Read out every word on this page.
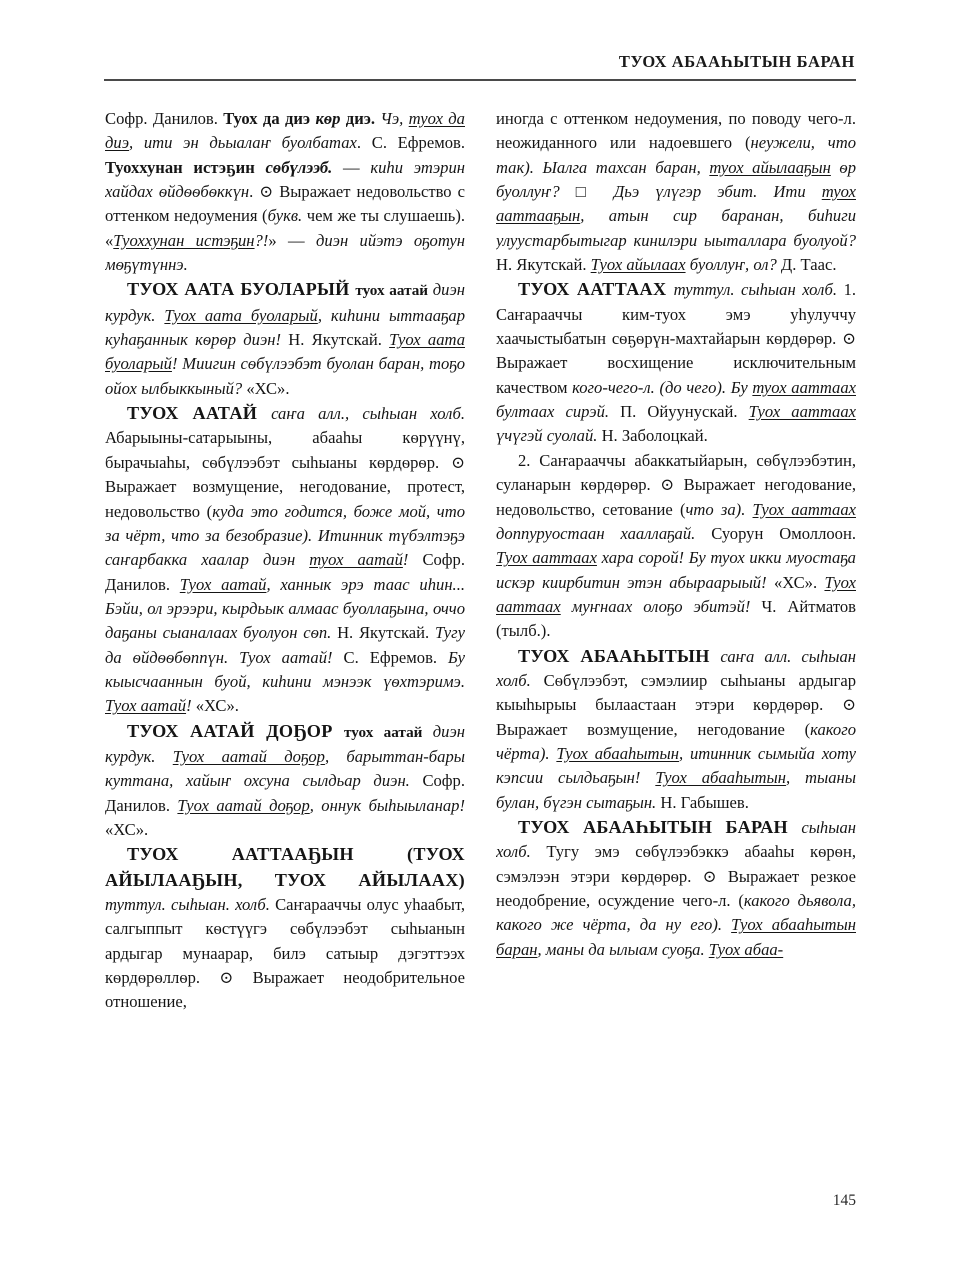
ТУОХ АБААҺЫТЫН БАРАН

Софр. Данилов. Туох да диэ кѳр диэ. Чэ, туох да диэ, ити эн дьыалаҥ буолбатах. С. Ефремов. Туоххунан истэҕин сѳбүлээб. — киһи этэрин хайдах ѳйдѳѳбѳккүн. ⊙ Выражает недовольство с оттенком недоумения (букв. чем же ты слушаешь). «Туоххунан истэҕин?!» — диэн ийэтэ оҕотун мѳҕүтүннэ.

ТУОХ ААТА БУОЛАРЫЙ туох аатай диэн курдук. Туох аата буоларый, киһини ыттааҕар куһаҕаннык кѳрѳр диэн! Н. Якутскай. Туох аата буоларый! Миигин сѳбүлээбэт буолан баран, тоҕо ойох ылбыккыный? «ХС».

ТУОХ ААТАЙ саҥа алл., сыһыан холб. Абарыыны-сатарыыны, абааһы кѳрүүнү, бырачыаһы, сѳбүлээбэт сыһыаны кѳрдѳрѳр. ⊙ Выражает возмущение, негодование, протест, недовольство (куда это годится, боже мой, что за чёрт, что за безобразие). Итинник түбэлтэҕэ саҥарбакка хаалар диэн туох аатай! Софр. Данилов. Туох аатай, ханнык эрэ таас иһин... Бэйи, ол эрээри, кырдьык алмаас буоллаҕына, оччо даҕаны сыаналаах буолуон сѳп. Н. Якутскай. Тугу да ѳйдѳѳбѳппүн. Туох аатай! С. Ефремов. Бу кыысчааннын буой, киһини мэнээк үѳхтэримэ. Туох аатай! «ХС».

ТУОХ ААТАЙ ДОҔОР туох аатай диэн курдук. Туох аатай доҕор, барыттан-бары куттана, хайыҥ охсуна сылдьар диэн. Софр. Данилов. Туох аатай доҕор, оннук быһыыланар! «ХС».

ТУОХ ААТТААҔЫН (ТУОХ АЙЫЛААҔЫН, ТУОХ АЙЫЛААХ) туттул. сыһыан. холб. Саҥарааччы олус уһаабыт, салгыппыт кѳстүүгэ сѳбүлээбэт сыһыанын ардыгар мунаарар, билэ сатыыр дэгэттээх кѳрдѳрѳллѳр. ⊙ Выражает неодобрительное отношение,

иногда с оттенком недоумения, по поводу чего-л. неожиданного или надоевшего (неужели, что так). Ыалга тахсан баран, туох айылааҕын ѳр буоллуҥ? □ Дьэ үлүгэр эбит. Ити туох ааттааҕын, атын сир баранан, биһиги улуустарбытыгар кинилэри ыыталлара буолуой? Н. Якутскай. Туох айылаах буоллуҥ, ол? Д. Таас.

ТУОХ ААТТААХ туттул. сыһыан холб. 1. Саҥарааччы ким-туох эмэ уһулуччу хаачыстыбатын сѳҕѳрүн-махтайарын кѳрдѳрѳр. ⊙ Выражает восхищение исключительным качеством кого-чего-л. (до чего). Бу туох ааттаах бултаах сирэй. П. Ойуунускай. Туох ааттаах үчүгэй суолай. Н. Заболоцкай.

2. Саҥарааччы абаккатыйарын, сѳбүлээбэтин, суланарын кѳрдѳрѳр. ⊙ Выражает негодование, недовольство, сетование (что за). Туох ааттаах доппуруостаан хааллаҕай. Суорун Омоллоон. Туох ааттаах хара сорой! Бу туох икки муостаҕа искэр киирбитин этэн абыраарыый! «ХС». Туох ааттаах муҥнаах олоҕо эбитэй! Ч. Айтматов (тылб.).

ТУОХ АБААҺЫТЫН саҥа алл. сыһыан холб. Сѳбүлээбэт, сэмэлиир сыһыаны ардыгар кыыһырыы былаастаан этэри кѳрдѳрѳр. ⊙ Выражает возмущение, негодование (какого чёрта). Туох абааһытын, итинник сымыйа хоту кэпсии сылдьаҕын! Туох абааһытын, тыаны булан, бүгэн сытаҕын. Н. Габышев.

ТУОХ АБААҺЫТЫН БАРАН сыһыан холб. Тугу эмэ сѳбүлээбэккэ абааһы кѳрѳн, сэмэлээн этэри кѳрдѳрѳр. ⊙ Выражает резкое неодобрение, осуждение чего-л. (какого дьявола, какого же чёрта, да ну его). Туох абааһытын баран, маны да ылыам суоҕа. Туох абаа-

145
